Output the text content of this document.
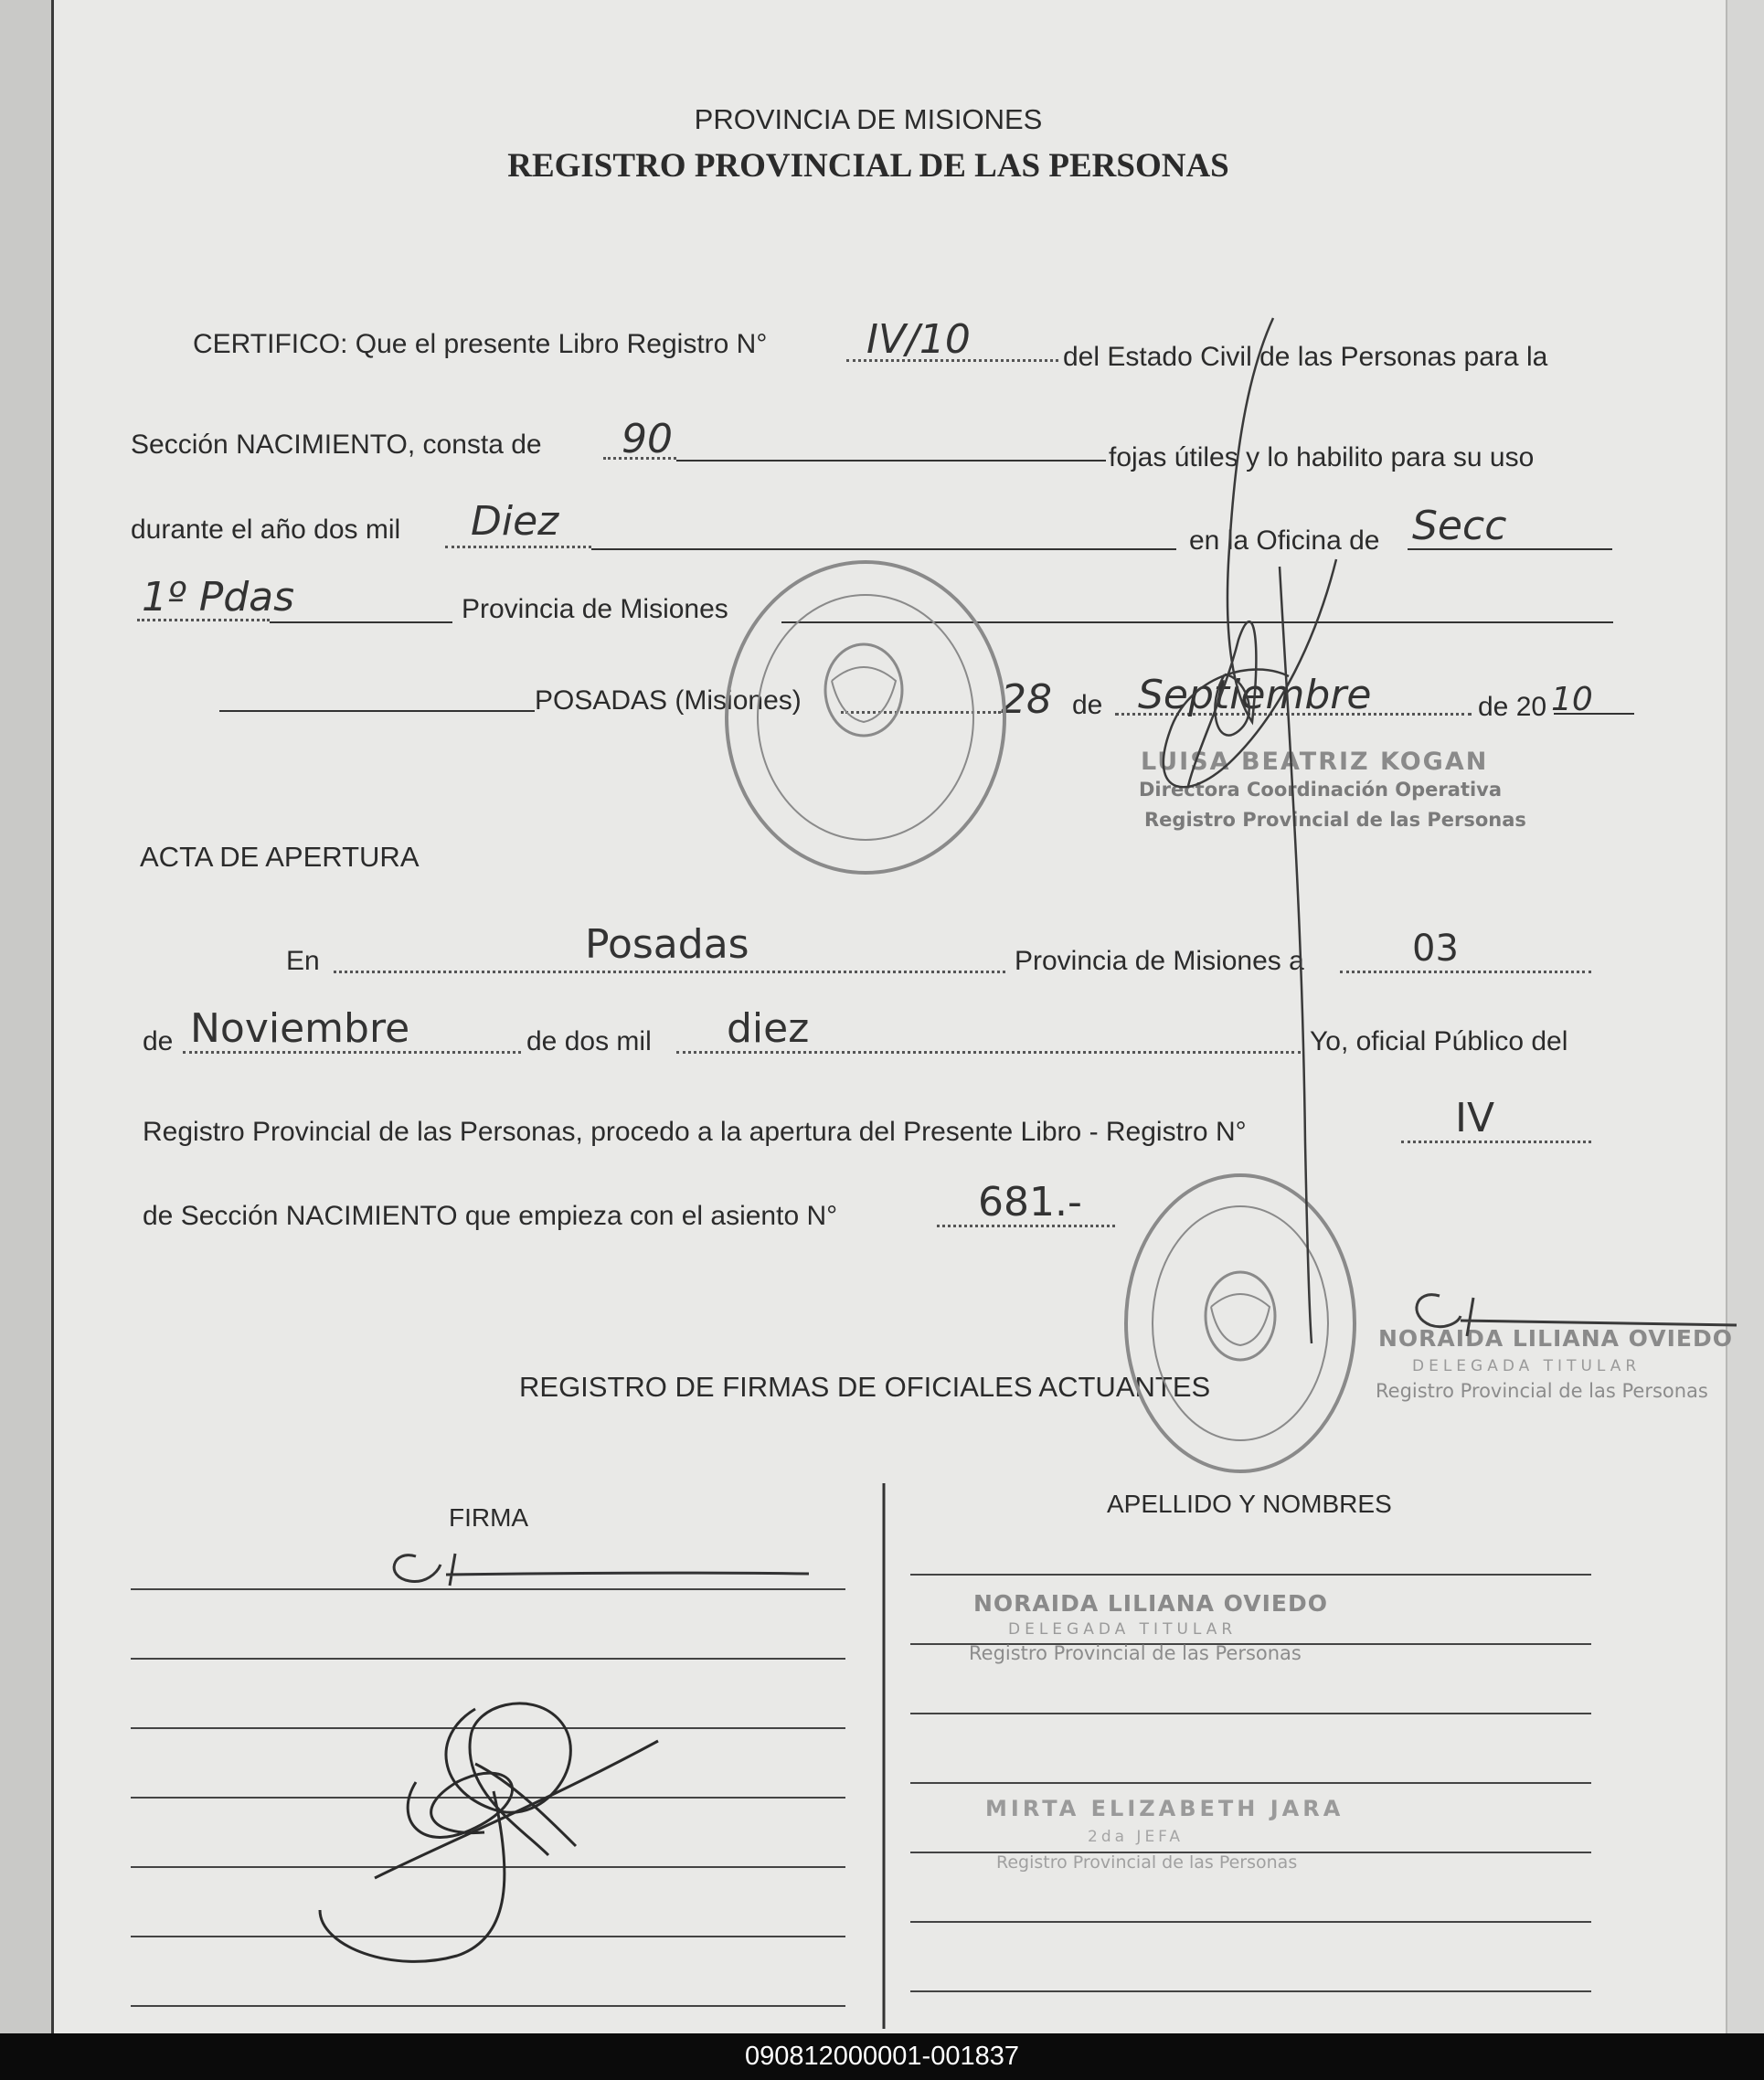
PROVINCIA DE MISIONES
REGISTRO PROVINCIAL DE LAS PERSONAS
CERTIFICO: Que el presente Libro Registro N° IV/10	del Estado Civil de las Personas para la
Sección NACIMIENTO, consta de 90	fojas útiles y lo habilito para su uso
durante el año dos mil Diez	en la Oficina de Secc
1º Pdas	Provincia de Misiones
POSADAS (Misiones)	28 de Septiembre	de 20 10
LUISA BEATRIZ KOGAN
Directora Coordinación Operativa
Registro Provincial de las Personas
ACTA DE APERTURA
En	Posadas	Provincia de Misiones a	03
de Noviembre	de dos mil diez	Yo, oficial Público del
Registro Provincial de las Personas, procedo a la apertura del Presente Libro - Registro N°	IV
de Sección NACIMIENTO que empieza con el asiento N°	681.-
NORAIDA LILIANA OVIEDO
DELEGADA TITULAR
Registro Provincial de las Personas
REGISTRO DE FIRMAS DE OFICIALES ACTUANTES
FIRMA	APELLIDO Y NOMBRES
NORAIDA LILIANA OVIEDO
DELEGADA TITULAR
Registro Provincial de las Personas
MIRTA ELIZABETH JARA
2da JEFA
Registro Provincial de las Personas
090812000001-001837
